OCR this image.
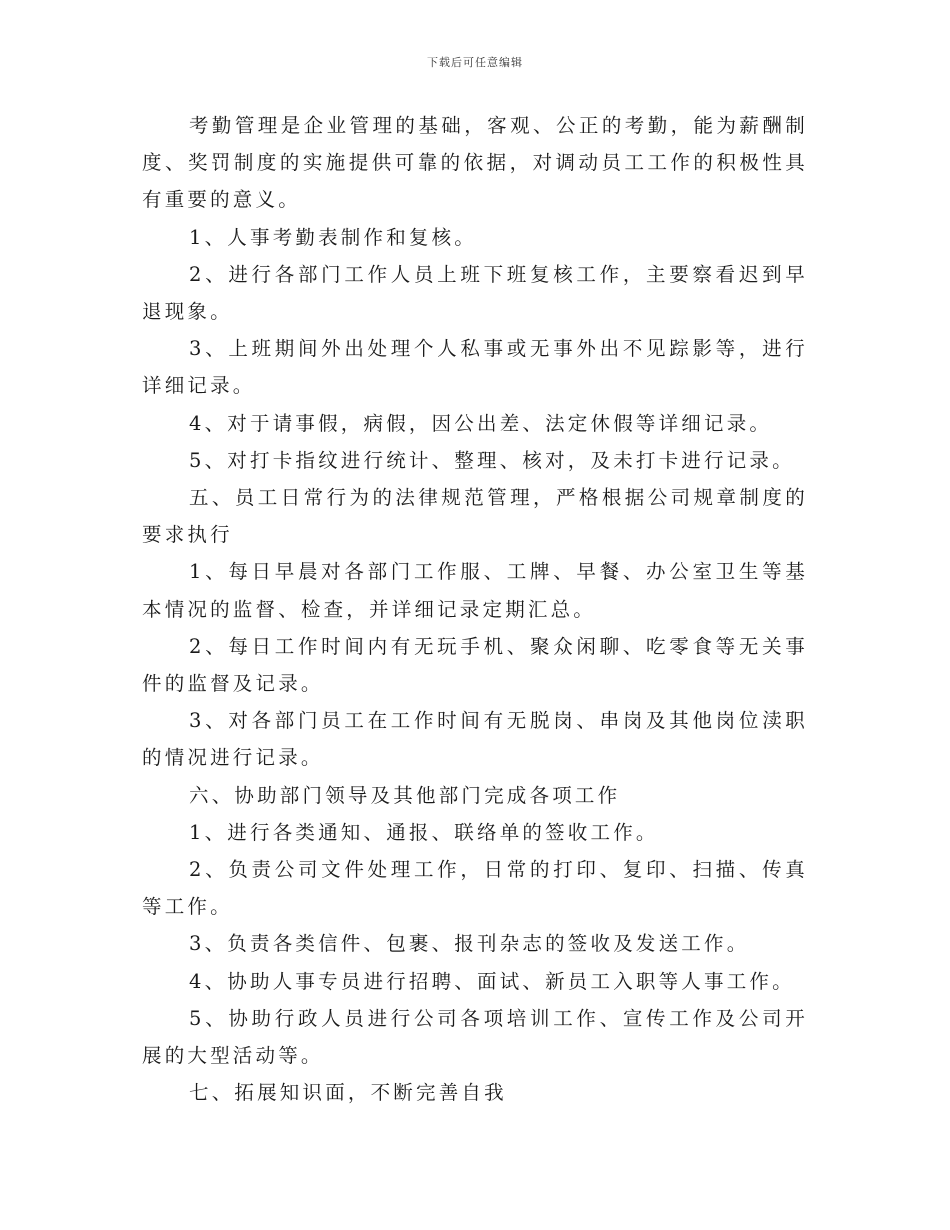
下载后可任意编辑

考勤管理是企业管理的基础，客观、公正的考勤，能为薪酬制度、奖罚制度的实施提供可靠的依据，对调动员工工作的积极性具有重要的意义。

1、人事考勤表制作和复核。

2、进行各部门工作人员上班下班复核工作，主要察看迟到早退现象。

3、上班期间外出处理个人私事或无事外出不见踪影等，进行详细记录。

4、对于请事假，病假，因公出差、法定休假等详细记录。

5、对打卡指纹进行统计、整理、核对，及未打卡进行记录。

五、员工日常行为的法律规范管理，严格根据公司规章制度的要求执行

1、每日早晨对各部门工作服、工牌、早餐、办公室卫生等基本情况的监督、检查，并详细记录定期汇总。

2、每日工作时间内有无玩手机、聚众闲聊、吃零食等无关事件的监督及记录。

3、对各部门员工在工作时间有无脱岗、串岗及其他岗位渎职的情况进行记录。

六、协助部门领导及其他部门完成各项工作

1、进行各类通知、通报、联络单的签收工作。

2、负责公司文件处理工作，日常的打印、复印、扫描、传真等工作。

3、负责各类信件、包裹、报刊杂志的签收及发送工作。

4、协助人事专员进行招聘、面试、新员工入职等人事工作。

5、协助行政人员进行公司各项培训工作、宣传工作及公司开展的大型活动等。

七、拓展知识面，不断完善自我
